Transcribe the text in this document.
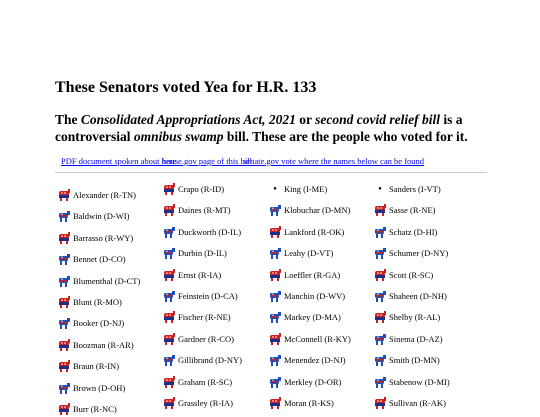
These Senators voted Yea for H.R. 133

The Consolidated Appropriations Act, 2021 or second covid relief bill is a controversial omnibus swamp bill. These are the people who voted for it.

PDF document spoken about here
house.gov page of this bill
senate.gov vote where the names below can be found
Alexander (R-TN)
Baldwin (D-WI)
Barrasso (R-WY)
Bennet (D-CO)
Blumenthal (D-CT)
Blunt (R-MO)
Booker (D-NJ)
Boozman (R-AR)
Braun (R-IN)
Brown (D-OH)
Burr (R-NC)
Crapo (R-ID)
Daines (R-MT)
Duckworth (D-IL)
Durbin (D-IL)
Ernst (R-IA)
Feinstein (D-CA)
Fischer (R-NE)
Gardner (R-CO)
Gillibrand (D-NY)
Graham (R-SC)
Grassley (R-IA)
● King (I-ME)
Klobuchar (D-MN)
Lankford (R-OK)
Leahy (D-VT)
Loeffler (R-GA)
Manchin (D-WV)
Markey (D-MA)
McConnell (R-KY)
Menendez (D-NJ)
Merkley (D-OR)
Moran (R-KS)
● Sanders (I-VT)
Sasse (R-NE)
Schatz (D-HI)
Schumer (D-NY)
Scott (R-SC)
Shaheen (D-NH)
Shelby (R-AL)
Sinema (D-AZ)
Smith (D-MN)
Stabenow (D-MI)
Sullivan (R-AK)
